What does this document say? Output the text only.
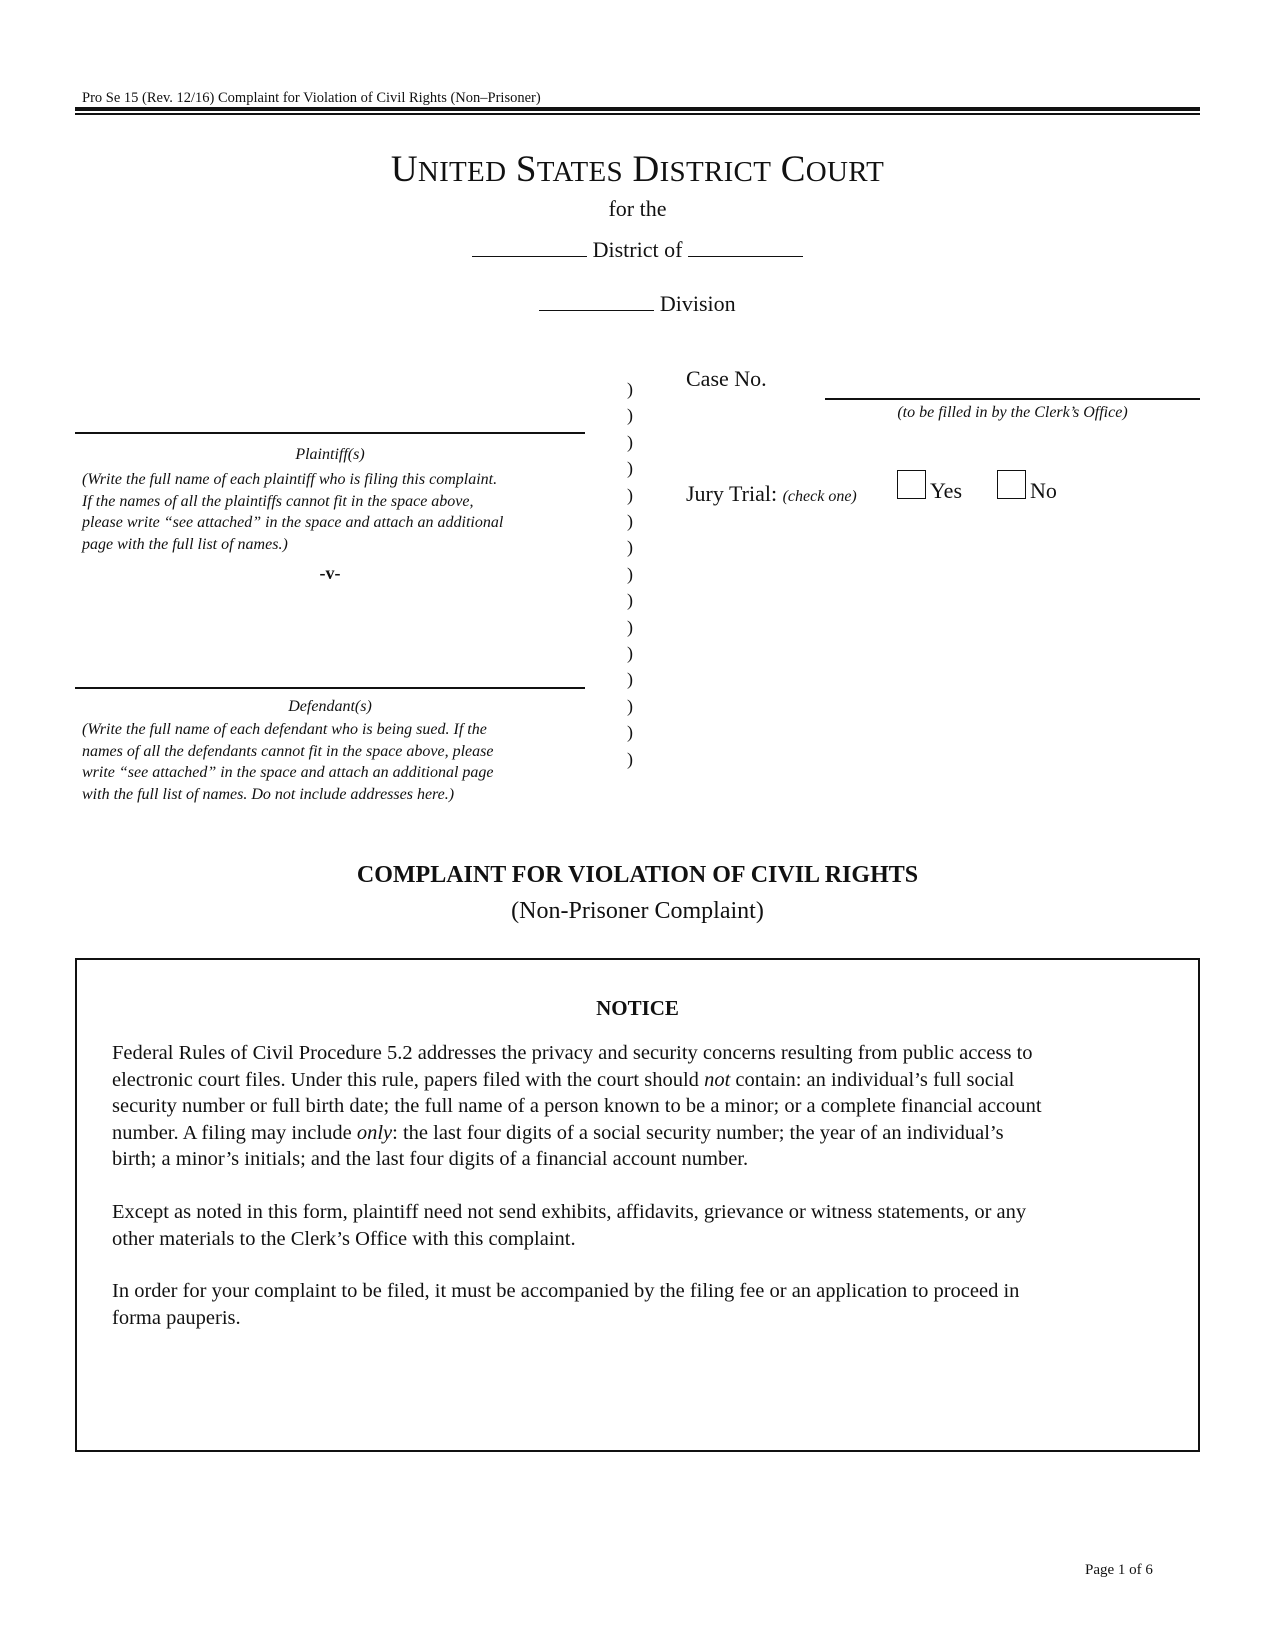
Pro Se 15 (Rev. 12/16) Complaint for Violation of Civil Rights (Non–Prisoner)
UNITED STATES DISTRICT COURT
for the
District of
Division
Plaintiff(s)
(Write the full name of each plaintiff who is filing this complaint.
If the names of all the plaintiffs cannot fit in the space above,
please write “see attached” in the space and attach an additional
page with the full list of names.)
-v-
Defendant(s)
(Write the full name of each defendant who is being sued. If the
names of all the defendants cannot fit in the space above, please
write “see attached” in the space and attach an additional page
with the full list of names. Do not include addresses here.)
)
)
)
)
)
)
)
)
)
)
)
)
)
)
)
Case No.
(to be filled in by the Clerk’s Office)
Jury Trial: (check one)	Yes	No
COMPLAINT FOR VIOLATION OF CIVIL RIGHTS
(Non-Prisoner Complaint)
NOTICE
Federal Rules of Civil Procedure 5.2 addresses the privacy and security concerns resulting from public access to
electronic court files. Under this rule, papers filed with the court should not contain: an individual’s full social
security number or full birth date; the full name of a person known to be a minor; or a complete financial account
number. A filing may include only: the last four digits of a social security number; the year of an individual’s
birth; a minor’s initials; and the last four digits of a financial account number.
Except as noted in this form, plaintiff need not send exhibits, affidavits, grievance or witness statements, or any
other materials to the Clerk’s Office with this complaint.
In order for your complaint to be filed, it must be accompanied by the filing fee or an application to proceed in
forma pauperis.
Page 1 of 6
